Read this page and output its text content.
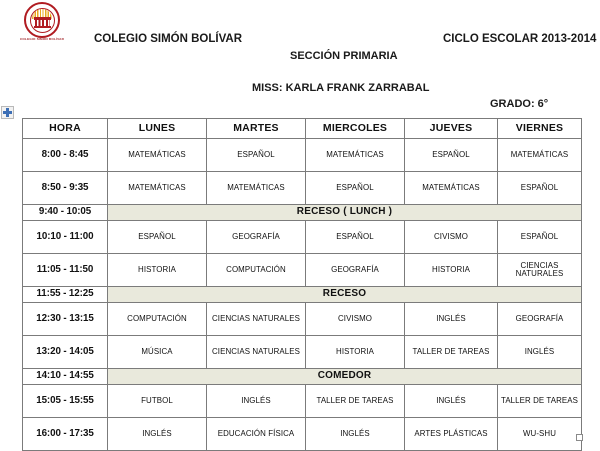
COLEGIO SIMÓN BOLÍVAR	COLEGIO SIMÓN BOLÍVAR	CICLO ESCOLAR 2013-2014
SECCIÓN PRIMARIA
MISS: KARLA FRANK ZARRABAL
GRADO: 6°
HORA	LUNES	MARTES	MIERCOLES	JUEVES	VIERNES
8:00 - 8:45	MATEMÁTICAS	ESPAÑOL	MATEMÁTICAS	ESPAÑOL	MATEMÁTICAS
8:50 - 9:35	MATEMÁTICAS	MATEMÁTICAS	ESPAÑOL	MATEMÁTICAS	ESPAÑOL
9:40 - 10:05	RECESO ( LUNCH )				
10:10 - 11:00	ESPAÑOL	GEOGRAFÍA	ESPAÑOL	CIVISMO	ESPAÑOL
11:05 - 11:50	HISTORIA	COMPUTACIÓN	GEOGRAFÍA	HISTORIA	CIENCIAS NATURALES
11:55 - 12:25	RECESO				
12:30 - 13:15	COMPUTACIÓN	CIENCIAS NATURALES	CIVISMO	INGLÉS	GEOGRAFÍA
13:20 - 14:05	MÚSICA	CIENCIAS NATURALES	HISTORIA	TALLER DE TAREAS	INGLÉS
14:10 - 14:55	COMEDOR				
15:05 - 15:55	FUTBOL	INGLÉS	TALLER DE TAREAS	INGLÉS	TALLER DE TAREAS
16:00 - 17:35	INGLÉS	EDUCACIÓN FÍSICA	INGLÉS	ARTES PLÁSTICAS	WU-SHU
